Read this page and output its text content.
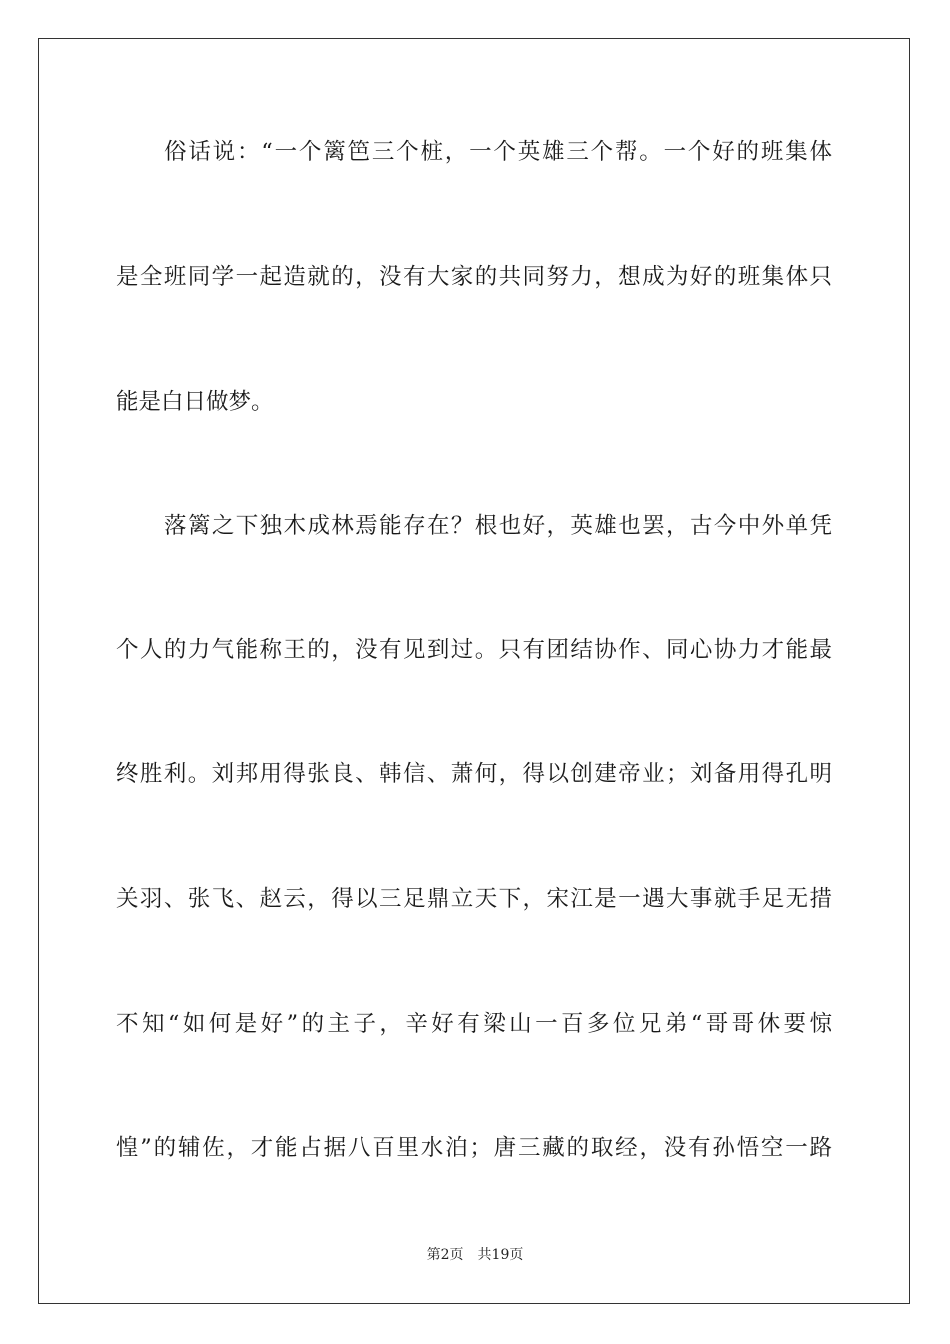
俗话说：“一个篱笆三个桩，一个英雄三个帮。一个好的班集体
是全班同学一起造就的，没有大家的共同努力，想成为好的班集体只
能是白日做梦。
落篱之下独木成林焉能存在？根也好，英雄也罢，古今中外单凭
个人的力气能称王的，没有见到过。只有团结协作、同心协力才能最
终胜利。刘邦用得张良、韩信、萧何，得以创建帝业；刘备用得孔明
关羽、张飞、赵云，得以三足鼎立天下，宋江是一遇大事就手足无措
不知“如何是好”的主子，辛好有梁山一百多位兄弟“哥哥休要惊
惶”的辅佐，才能占据八百里水泊；唐三藏的取经，没有孙悟空一路
第2页 共19页
